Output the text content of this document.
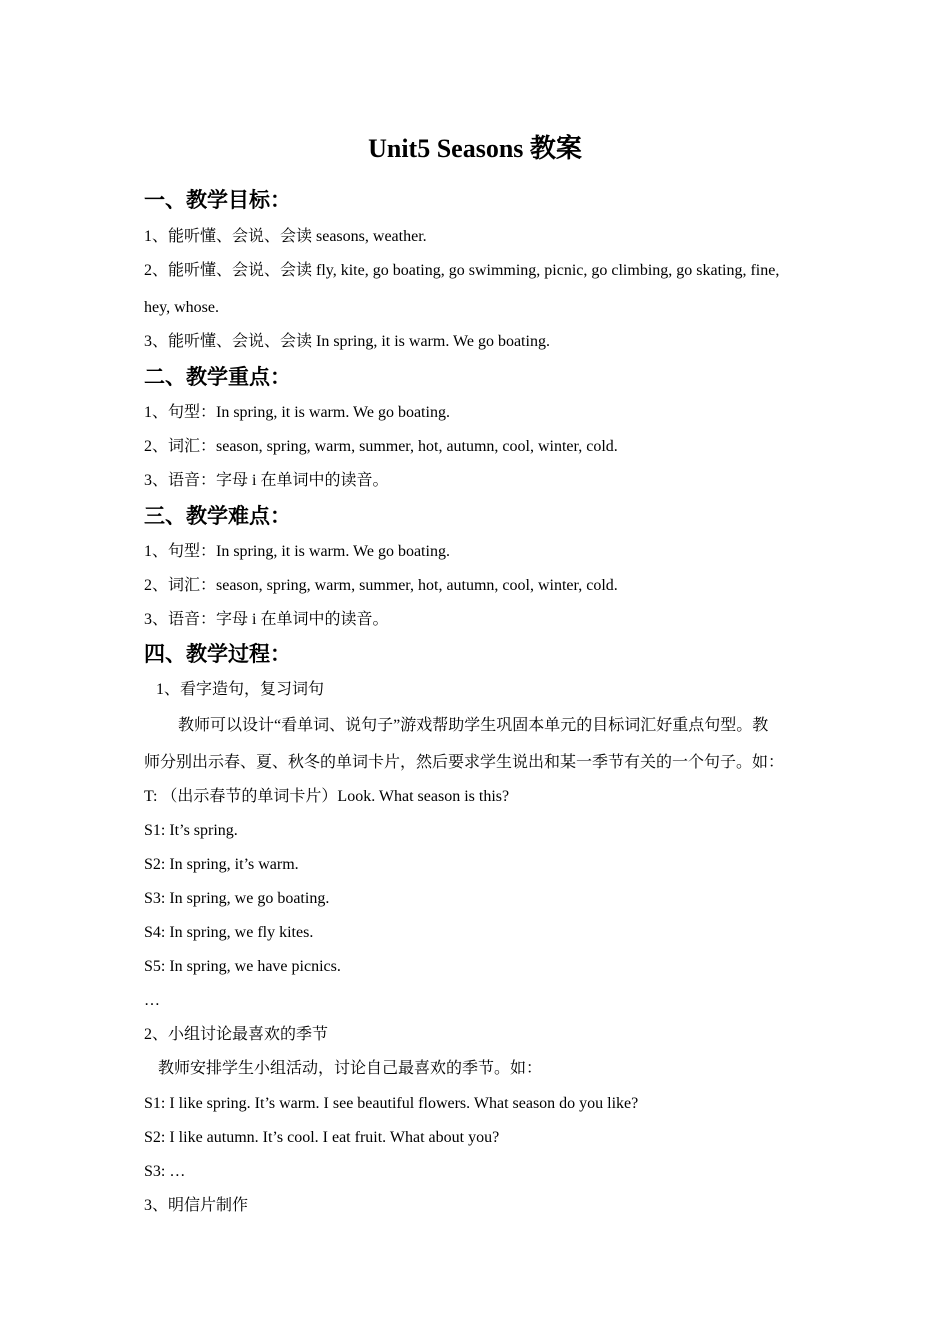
Unit5 Seasons 教案
一、教学目标：
1、能听懂、会说、会读 seasons, weather.
2、能听懂、会说、会读 fly, kite, go boating, go swimming, picnic, go climbing, go skating, fine,
hey, whose.
3、能听懂、会说、会读 In spring, it is warm. We go boating.
二、教学重点：
1、句型：In spring, it is warm. We go boating.
2、词汇：season, spring, warm, summer, hot, autumn, cool, winter, cold.
3、语音：字母 i 在单词中的读音。
三、教学难点：
1、句型：In spring, it is warm. We go boating.
2、词汇：season, spring, warm, summer, hot, autumn, cool, winter, cold.
3、语音：字母 i 在单词中的读音。
四、教学过程：
1、看字造句，复习词句
教师可以设计“看单词、说句子”游戏帮助学生巩固本单元的目标词汇好重点句型。教
师分别出示春、夏、秋冬的单词卡片，然后要求学生说出和某一季节有关的一个句子。如：
T: （出示春节的单词卡片）Look. What season is this?
S1: It’s spring.
S2: In spring, it’s warm.
S3: In spring, we go boating.
S4: In spring, we fly kites.
S5: In spring, we have picnics.
…
2、小组讨论最喜欢的季节
教师安排学生小组活动，讨论自己最喜欢的季节。如：
S1: I like spring. It’s warm. I see beautiful flowers. What season do you like?
S2: I like autumn. It’s cool. I eat fruit. What about you?
S3: …
3、明信片制作
